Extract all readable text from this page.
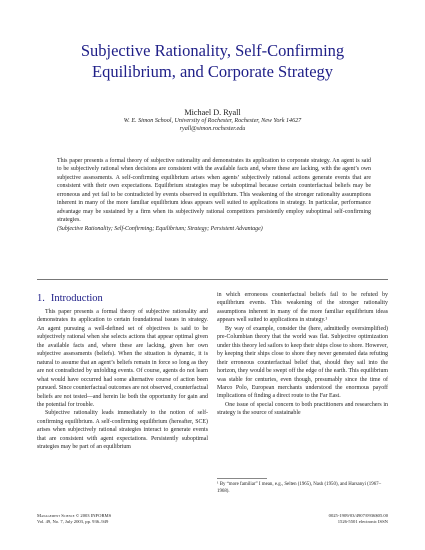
Subjective Rationality, Self-Confirming
Equilibrium, and Corporate Strategy
Michael D. Ryall
W. E. Simon School, University of Rochester, Rochester, New York 14627
ryall@simon.rochester.edu
This paper presents a formal theory of subjective rationality and demonstrates its application to corporate strategy. An agent is said to be subjectively rational when decisions are consistent with the available facts and, where these are lacking, with the agent’s own subjective assessments. A self-confirming equilibrium arises when agents’ subjectively rational actions generate events that are consistent with their own expectations. Equilibrium strategies may be suboptimal because certain counterfactual beliefs may be erroneous and yet fail to be contradicted by events observed in equilibrium. This weakening of the stronger rationality assumptions inherent in many of the more familiar equilibrium ideas appears well suited to applications in strategy. In particular, performance advantage may be sustained by a firm when its subjectively rational competitors persistently employ suboptimal self-confirming strategies.
(Subjective Rationality; Self-Confirming; Equilibrium; Strategy; Persistent Advantage)
1. Introduction

This paper presents a formal theory of subjective rationality and demonstrates its application to certain foundational issues in strategy. An agent pursuing a well-defined set of objectives is said to be subjectively rational when she selects actions that appear optimal given the available facts and, where these are lacking, given her own subjective assessments (beliefs). When the situation is dynamic, it is natural to assume that an agent’s beliefs remain in force so long as they are not contradicted by unfolding events. Of course, agents do not learn what would have occurred had some alternative course of action been pursued. Since counterfactual outcomes are not observed, counterfactual beliefs are not tested—and herein lie both the opportunity for gain and the potential for trouble.

Subjective rationality leads immediately to the notion of self-confirming equilibrium. A self-confirming equilibrium (hereafter, SCE) arises when subjectively rational strategies interact to generate events that are consistent with agent expectations. Persistently suboptimal strategies may be part of an equilibrium

in which erroneous counterfactual beliefs fail to be refuted by equilibrium events. This weakening of the stronger rationality assumptions inherent in many of the more familiar equilibrium ideas appears well suited to applications in strategy.¹

By way of example, consider the (here, admittedly oversimplified) pre-Columbian theory that the world was flat. Subjective optimization under this theory led sailors to keep their ships close to shore. However, by keeping their ships close to shore they never generated data refuting their erroneous counterfactual belief that, should they sail into the horizon, they would be swept off the edge of the earth. This equilibrium was stable for centuries, even though, presumably since the time of Marco Polo, European merchants understood the enormous payoff implications of finding a direct route to the Far East.

One issue of special concern to both practitioners and researchers in strategy is the source of sustainable

¹ By “more familiar” I mean, e.g., Selten (1965), Nash (1950), and Harsanyi (1967–1968).
Management Science © 2003 INFORMS
Vol. 49, No. 7, July 2003, pp. 936–949
0025-1909/03/4907/0936$05.00
1526-5501 electronic ISSN
